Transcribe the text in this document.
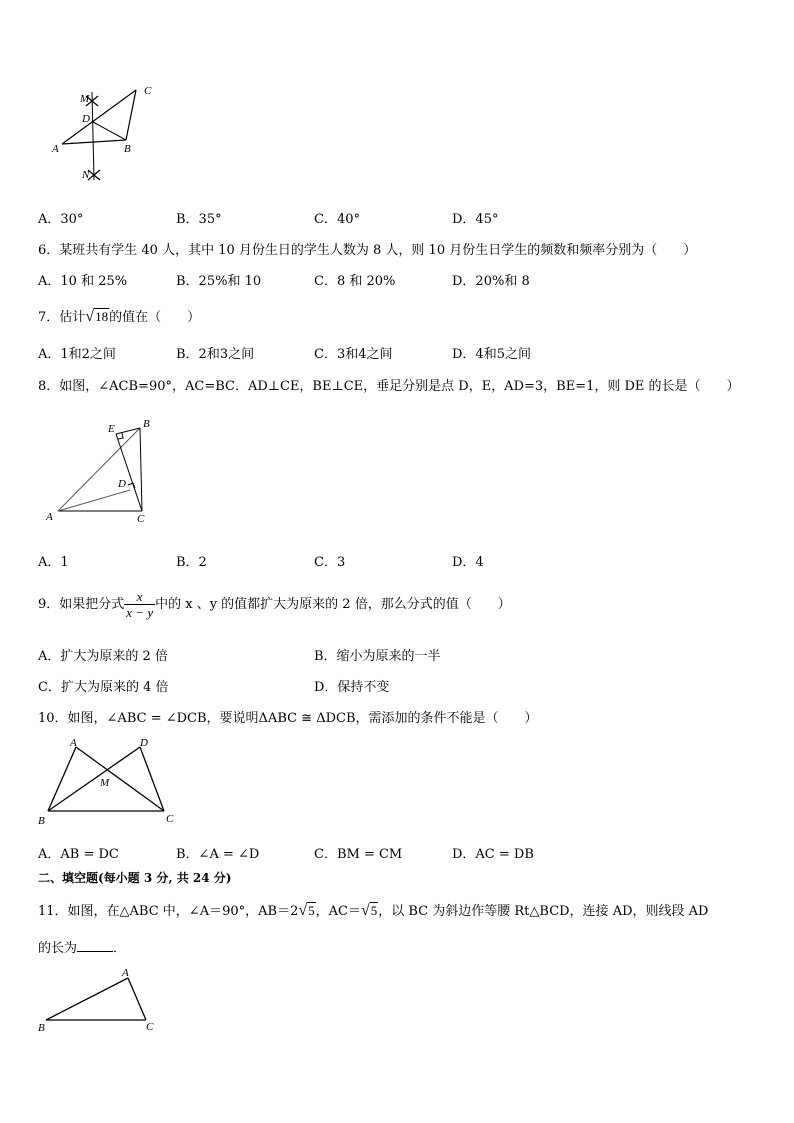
M
C
D
A	B
N
A．30°	B．35°	C．40°	D．45°
6．某班共有学生 40 人，其中 10 月份生日的学生人数为 8 人，则 10 月份生日学生的频数和频率分别为（　　）
A．10 和 25%	B．25%和 10	C．8 和 20%	D．20%和 8
7．估计√18的值在（　　）
A．1和2之间	B．2和3之间	C．3和4之间	D．4和5之间
8．如图，∠ACB=90°，AC=BC．AD⊥CE，BE⊥CE，垂足分别是点 D，E，AD=3，BE=1，则 DE 的长是（　　）
E	B
D
A	C
A．1	B．2	C．3	D．4
9．如果把分式 $\frac{x}{x - y}$ 中的 x 、y 的值都扩大为原来的 2 倍，那么分式的值（　　）
A．扩大为原来的 2 倍	B．缩小为原来的一半
C．扩大为原来的 4 倍	D．保持不变
10．如图，∠ABC = ∠DCB，要说明ΔABC ≅ ΔDCB，需添加的条件不能是（　　）
A	D
M
B	C
A．AB = DC	B．∠A = ∠D	C．BM = CM	D．AC = DB
二、填空题(每小题 3 分, 共 24 分)
11．如图，在△ABC 中，∠A＝90°，AB＝2√5，AC＝√5，以 BC 为斜边作等腰 Rt△BCD，连接 AD，则线段 AD
的长为	．
A
B	C
